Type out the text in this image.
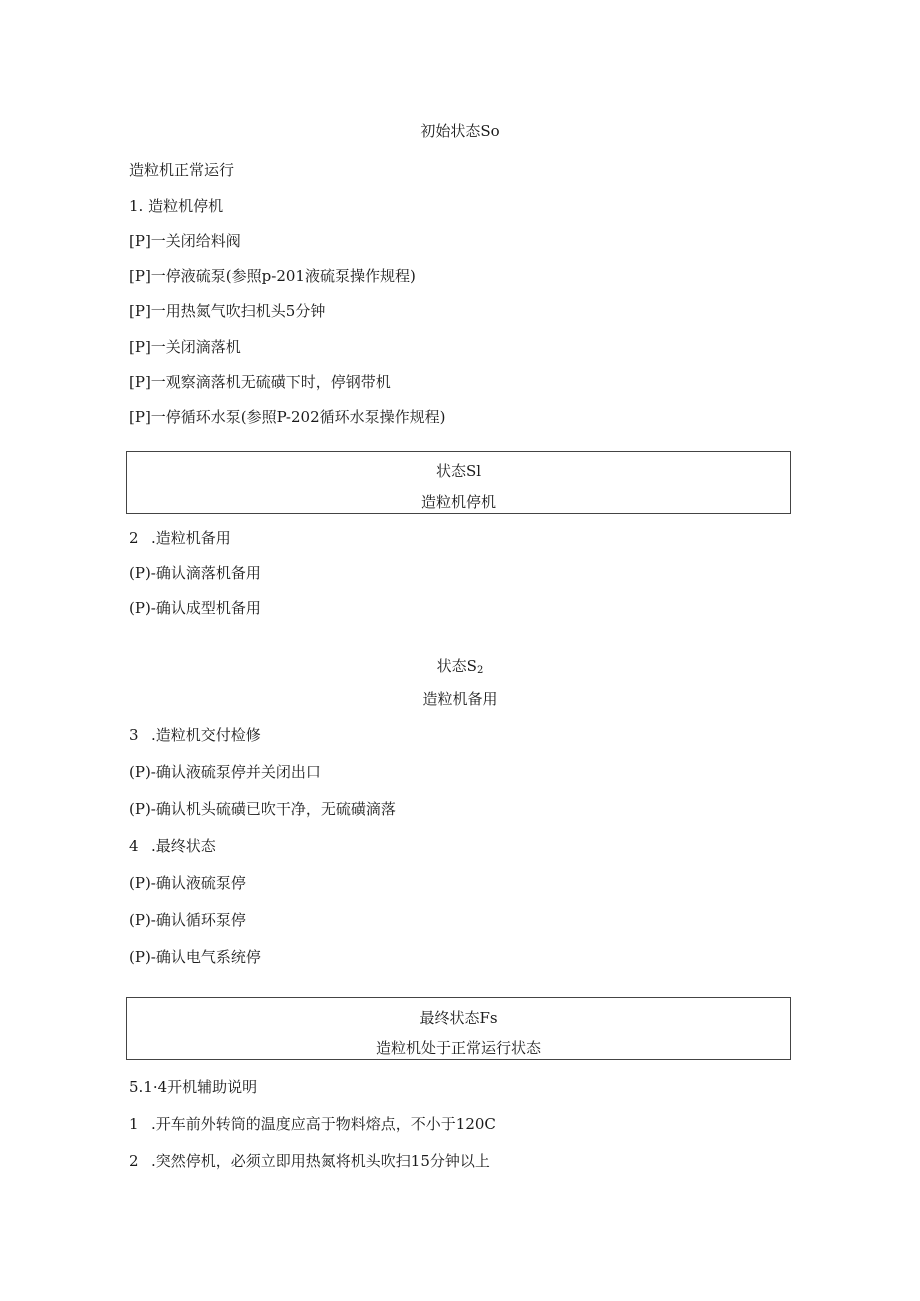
初始状态So
造粒机正常运行
1. 造粒机停机
[P]一关闭给料阀
[P]一停液硫泵(参照p-201液硫泵操作规程)
[P]一用热氮气吹扫机头5分钟
[P]一关闭滴落机
[P]一观察滴落机无硫磺下时，停钢带机
[P]一停循环水泵(参照P-202循环水泵操作规程)
状态Sl
造粒机停机
2 .造粒机备用
(P)-确认滴落机备用
(P)-确认成型机备用
状态$S_2$
造粒机备用
3 .造粒机交付检修
(P)-确认液硫泵停并关闭出口
(P)-确认机头硫磺已吹干净，无硫磺滴落
4 .最终状态
(P)-确认液硫泵停
(P)-确认循环泵停
(P)-确认电气系统停
最终状态Fs
造粒机处于正常运行状态
5.1·4开机辅助说明
1 .开车前外转筒的温度应高于物料熔点，不小于120C
2 .突然停机，必须立即用热氮将机头吹扫15分钟以上
